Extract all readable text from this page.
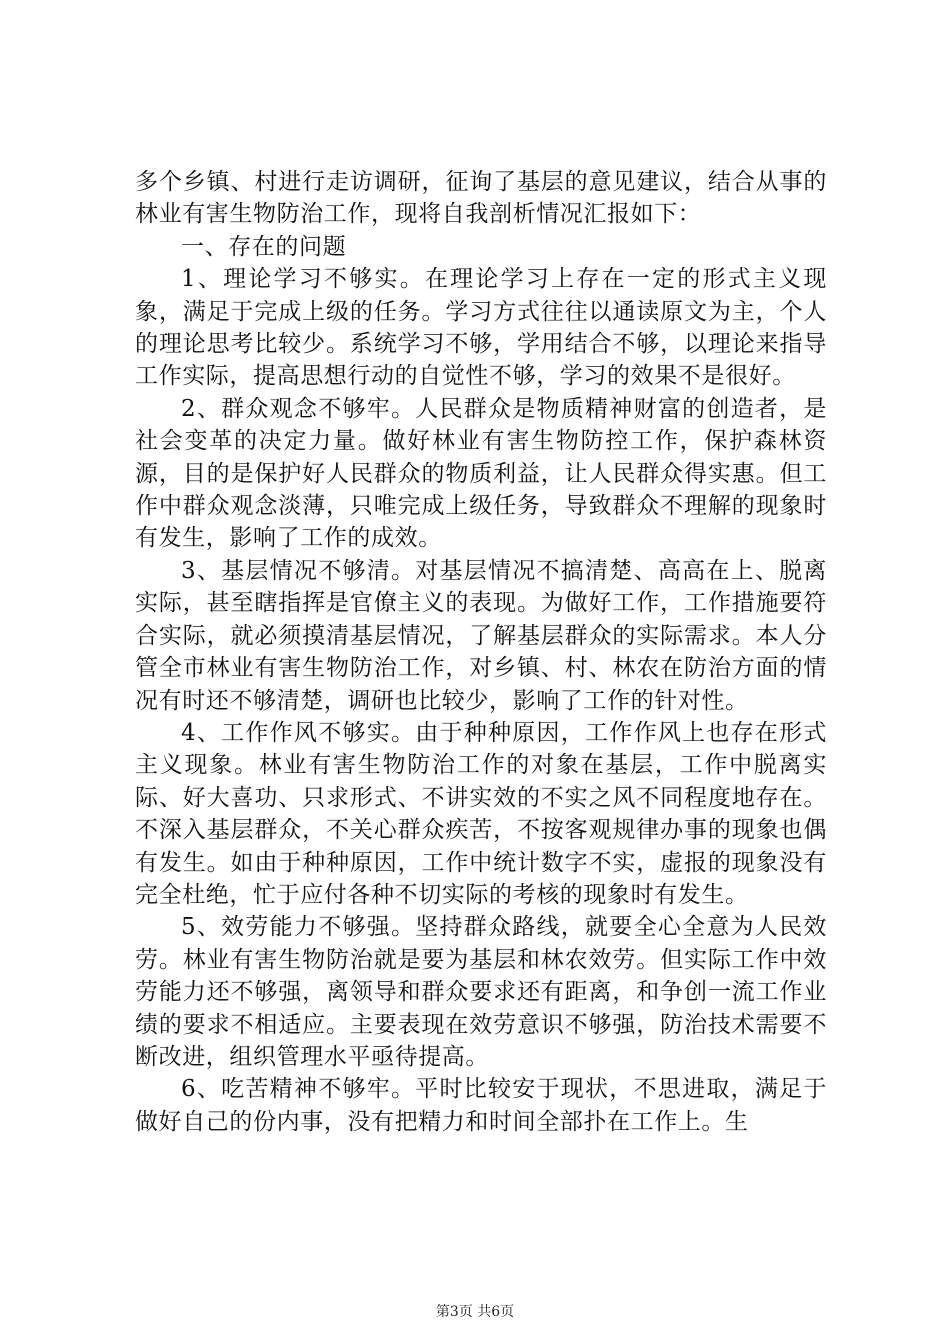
多个乡镇、村进行走访调研，征询了基层的意见建议，结合从事的林业有害生物防治工作，现将自我剖析情况汇报如下：

一、存在的问题

1、理论学习不够实。在理论学习上存在一定的形式主义现象，满足于完成上级的任务。学习方式往往以通读原文为主，个人的理论思考比较少。系统学习不够，学用结合不够，以理论来指导工作实际，提高思想行动的自觉性不够，学习的效果不是很好。

2、群众观念不够牢。人民群众是物质精神财富的创造者，是社会变革的决定力量。做好林业有害生物防控工作，保护森林资源，目的是保护好人民群众的物质利益，让人民群众得实惠。但工作中群众观念淡薄，只唯完成上级任务，导致群众不理解的现象时有发生，影响了工作的成效。

3、基层情况不够清。对基层情况不搞清楚、高高在上、脱离实际，甚至瞎指挥是官僚主义的表现。为做好工作，工作措施要符合实际，就必须摸清基层情况，了解基层群众的实际需求。本人分管全市林业有害生物防治工作，对乡镇、村、林农在防治方面的情况有时还不够清楚，调研也比较少，影响了工作的针对性。

4、工作作风不够实。由于种种原因，工作作风上也存在形式主义现象。林业有害生物防治工作的对象在基层，工作中脱离实际、好大喜功、只求形式、不讲实效的不实之风不同程度地存在。不深入基层群众，不关心群众疾苦，不按客观规律办事的现象也偶有发生。如由于种种原因，工作中统计数字不实，虚报的现象没有完全杜绝，忙于应付各种不切实际的考核的现象时有发生。

5、效劳能力不够强。坚持群众路线，就要全心全意为人民效劳。林业有害生物防治就是要为基层和林农效劳。但实际工作中效劳能力还不够强，离领导和群众要求还有距离，和争创一流工作业绩的要求不相适应。主要表现在效劳意识不够强，防治技术需要不断改进，组织管理水平亟待提高。

6、吃苦精神不够牢。平时比较安于现状，不思进取，满足于做好自己的份内事，没有把精力和时间全部扑在工作上。生

第3页 共6页
